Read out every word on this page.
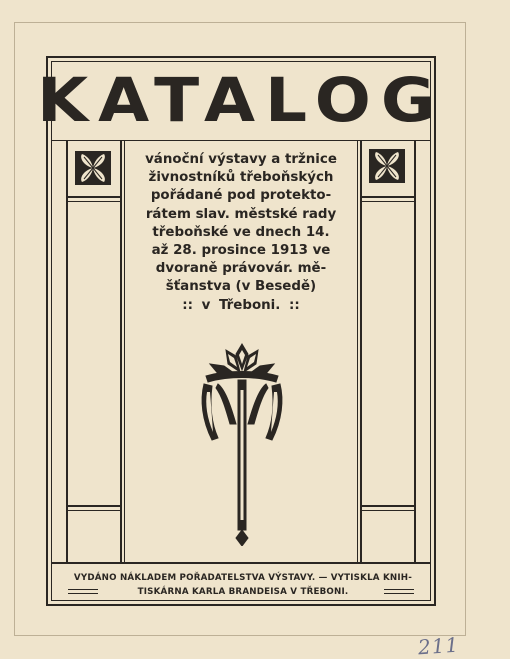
KATALOG
vánoční výstavy a tržnice
živnostníků třeboňských
pořádané pod protekto-
rátem slav. městské rady
třeboňské ve dnech 14.
až 28. prosince 1913 ve
dvoraně právovár. mě-
šťanstva (v Besedě)
:: v Třeboni. ::
VYDÁNO NÁKLADEM POŘADATELSTVA VÝSTAVY. — VYTISKLA KNIH-
TISKÁRNA KARLA BRANDEISA V TŘEBONI.
211
